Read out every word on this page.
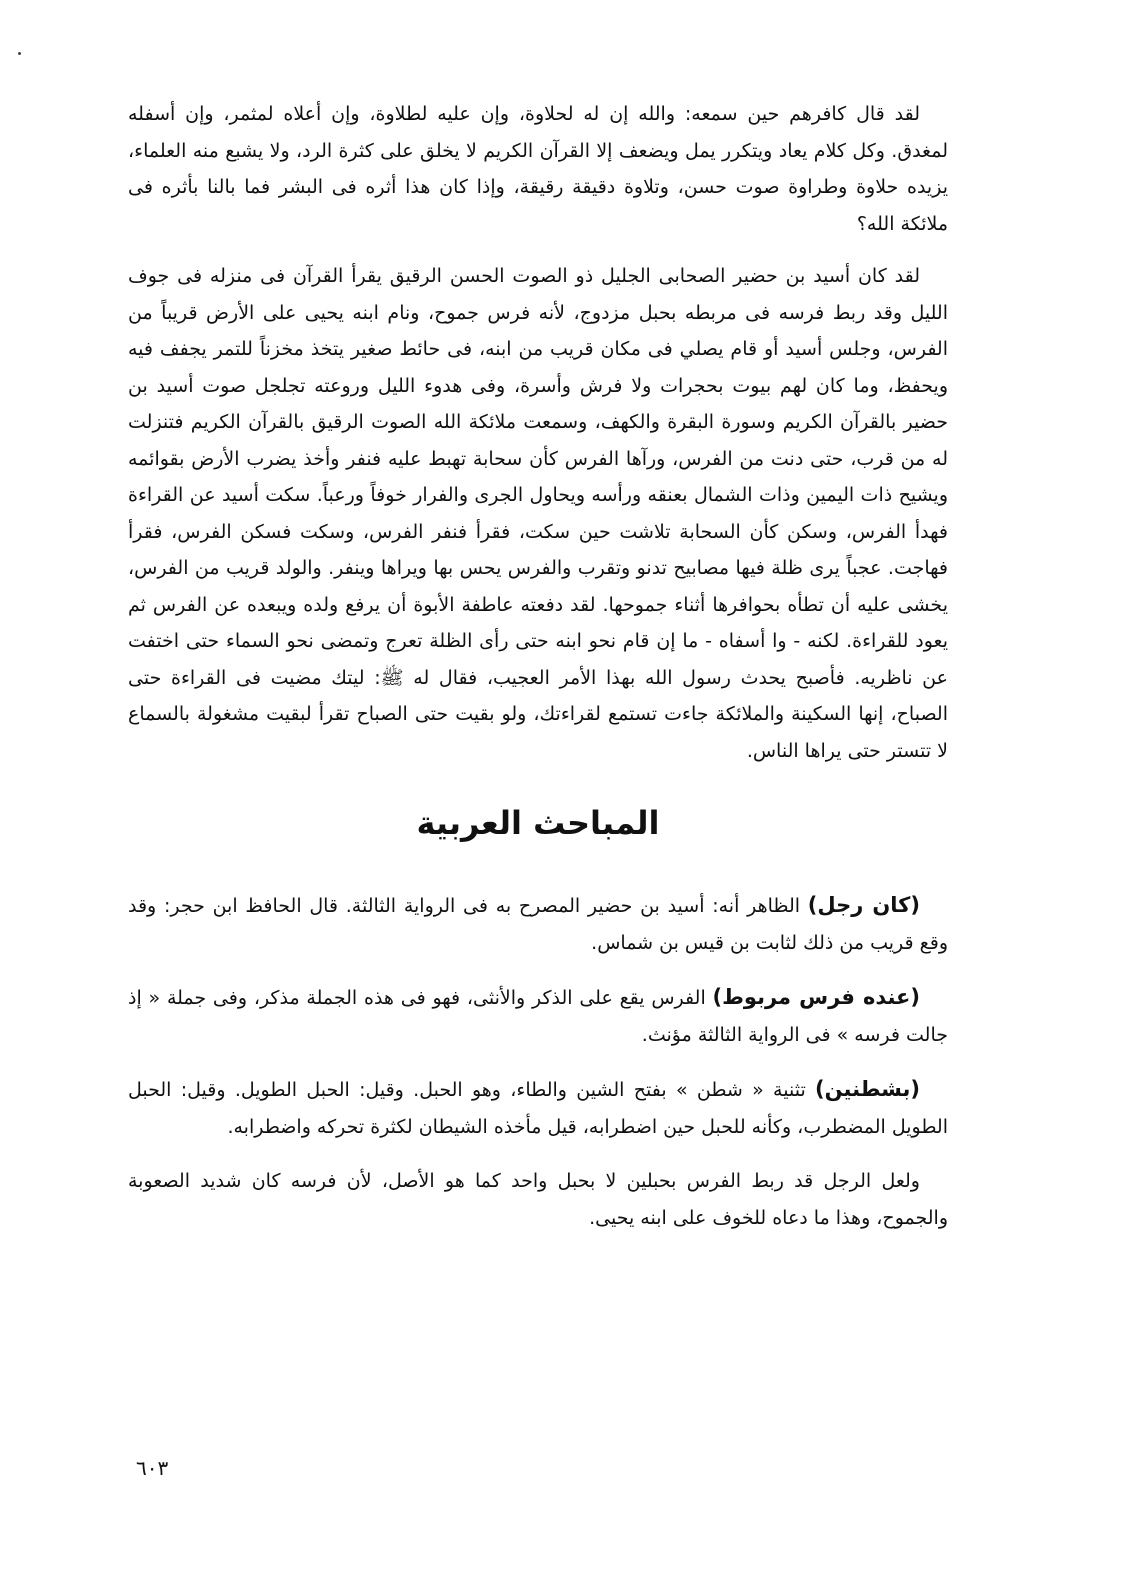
لقد قال كافرهم حين سمعه: والله إن له لحلاوة، وإن عليه لطلاوة، وإن أعلاه لمثمر، وإن أسفله لمغدق. وكل كلام يعاد ويتكرر يمل ويضعف إلا القرآن الكريم لا يخلق على كثرة الرد، ولا يشبع منه العلماء، يزيده حلاوة وطراوة صوت حسن، وتلاوة دقيقة رقيقة، وإذا كان هذا أثره فى البشر فما بالنا بأثره فى ملائكة الله؟

لقد كان أسيد بن حضير الصحابى الجليل ذو الصوت الحسن الرقيق يقرأ القرآن فى منزله فى جوف الليل وقد ربط فرسه فى مربطه بحبل مزدوج، لأنه فرس جموح، ونام ابنه يحيى على الأرض قريباً من الفرس، وجلس أسيد أو قام يصلي فى مكان قريب من ابنه، فى حائط صغير يتخذ مخزناً للتمر يجفف فيه ويحفظ، وما كان لهم بيوت بحجرات ولا فرش وأسرة، وفى هدوء الليل وروعته تجلجل صوت أسيد بن حضير بالقرآن الكريم وسورة البقرة والكهف، وسمعت ملائكة الله الصوت الرقيق بالقرآن الكريم فتنزلت له من قرب، حتى دنت من الفرس، ورآها الفرس كأن سحابة تهبط عليه فنفر وأخذ يضرب الأرض بقوائمه ويشيح ذات اليمين وذات الشمال بعنقه ورأسه ويحاول الجرى والفرار خوفاً ورعباً. سكت أسيد عن القراءة فهدأ الفرس، وسكن كأن السحابة تلاشت حين سكت، فقرأ فنفر الفرس، وسكت فسكن الفرس، فقرأ فهاجت. عجباً يرى ظلة فيها مصابيح تدنو وتقرب والفرس يحس بها ويراها وينفر. والولد قريب من الفرس، يخشى عليه أن تطأه بحوافرها أثناء جموحها. لقد دفعته عاطفة الأبوة أن يرفع ولده ويبعده عن الفرس ثم يعود للقراءة. لكنه - وا أسفاه - ما إن قام نحو ابنه حتى رأى الظلة تعرج وتمضى نحو السماء حتى اختفت عن ناظريه. فأصبح يحدث رسول الله بهذا الأمر العجيب، فقال له ﷺ: ليتك مضيت فى القراءة حتى الصباح، إنها السكينة والملائكة جاءت تستمع لقراءتك، ولو بقيت حتى الصباح تقرأ لبقيت مشغولة بالسماع لا تتستر حتى يراها الناس.

المباحث العربية

(كان رجل) الظاهر أنه: أسيد بن حضير المصرح به فى الرواية الثالثة. قال الحافظ ابن حجر: وقد وقع قريب من ذلك لثابت بن قيس بن شماس.

(عنده فرس مربوط) الفرس يقع على الذكر والأنثى، فهو فى هذه الجملة مذكر، وفى جملة « إذ جالت فرسه » فى الرواية الثالثة مؤنث.

(بشطنين) تثنية « شطن » بفتح الشين والطاء، وهو الحبل. وقيل: الحبل الطويل. وقيل: الحبل الطويل المضطرب، وكأنه للحبل حين اضطرابه، قيل مأخذه الشيطان لكثرة تحركه واضطرابه.

ولعل الرجل قد ربط الفرس بحبلين لا بحبل واحد كما هو الأصل، لأن فرسه كان شديد الصعوبة والجموح، وهذا ما دعاه للخوف على ابنه يحيى.

٦٠٣
